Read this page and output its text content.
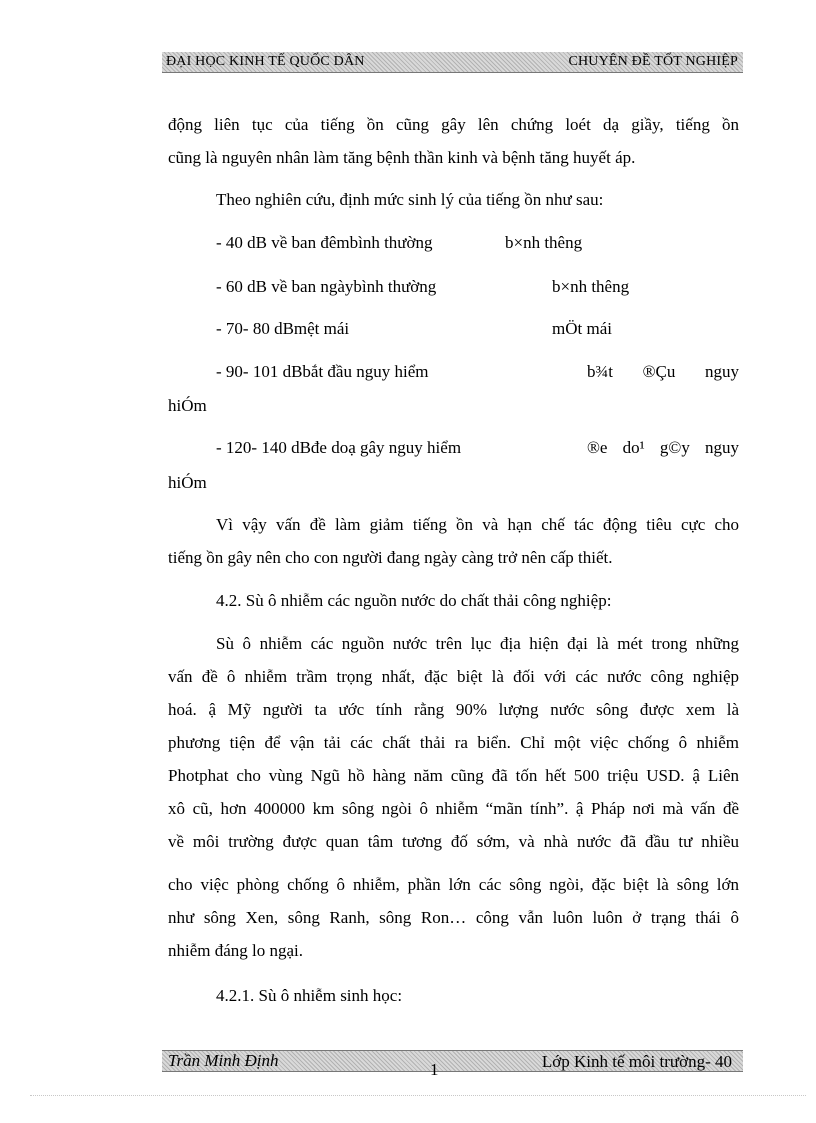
ĐẠI HỌC KINH TẾ QUỐC DÂN	CHUYÊN ĐỀ TỐT NGHIỆP
động liên tục của tiếng ồn cũng gây lên chứng loét dạ giầy, tiếng ồn
cũng là nguyên nhân làm tăng bệnh thần kinh và bệnh tăng huyết áp.
Theo nghiên cứu, định mức sinh lý của tiếng ồn như sau:
- 40 dB về ban đêmbình thường	b×nh thêng
- 60 dB về ban ngàybình thường	b×nh thêng
- 70- 80 dBmệt mái	mÖt mái
- 90- 101 dBbắt đầu nguy hiểm	b¾t ®Çu nguy
hiÓm
- 120- 140 dBđe doạ gây nguy hiểm	®e do¹ g©y nguy
hiÓm
Vì vậy vấn đề làm giảm tiếng ồn và hạn chế tác động tiêu cực cho
tiếng ồn gây nên cho con người đang ngày càng trở nên cấp thiết.
4.2. Sù ô nhiễm các nguồn nước do chất thải công nghiệp:
Sù ô nhiễm các nguồn nước trên lục địa hiện đại là mét trong những
vấn đề ô nhiễm trầm trọng nhất, đặc biệt là đối với các nước công nghiệp
hoá. ậ Mỹ người ta ước tính rằng 90% lượng nước sông được xem là
phương tiện để vận tải các chất thải ra biển. Chỉ một việc chống ô nhiễm
Photphat cho vùng Ngũ hồ hàng năm cũng đã tốn hết 500 triệu USD. ậ Liên
xô cũ, hơn 400000 km sông ngòi ô nhiễm “mãn tính”. ậ Pháp nơi mà vấn đề
về môi trường được quan tâm tương đố sớm, và nhà nước đã đầu tư nhiều
cho việc phòng chống ô nhiễm, phần lớn các sông ngòi, đặc biệt là sông lớn
như sông Xen, sông Ranh, sông Ron… công vẫn luôn luôn ở trạng thái ô
nhiễm đáng lo ngại.
4.2.1. Sù ô nhiễm sinh học:
Trần Minh Định	1	Lớp Kinh tế môi trường- 40
